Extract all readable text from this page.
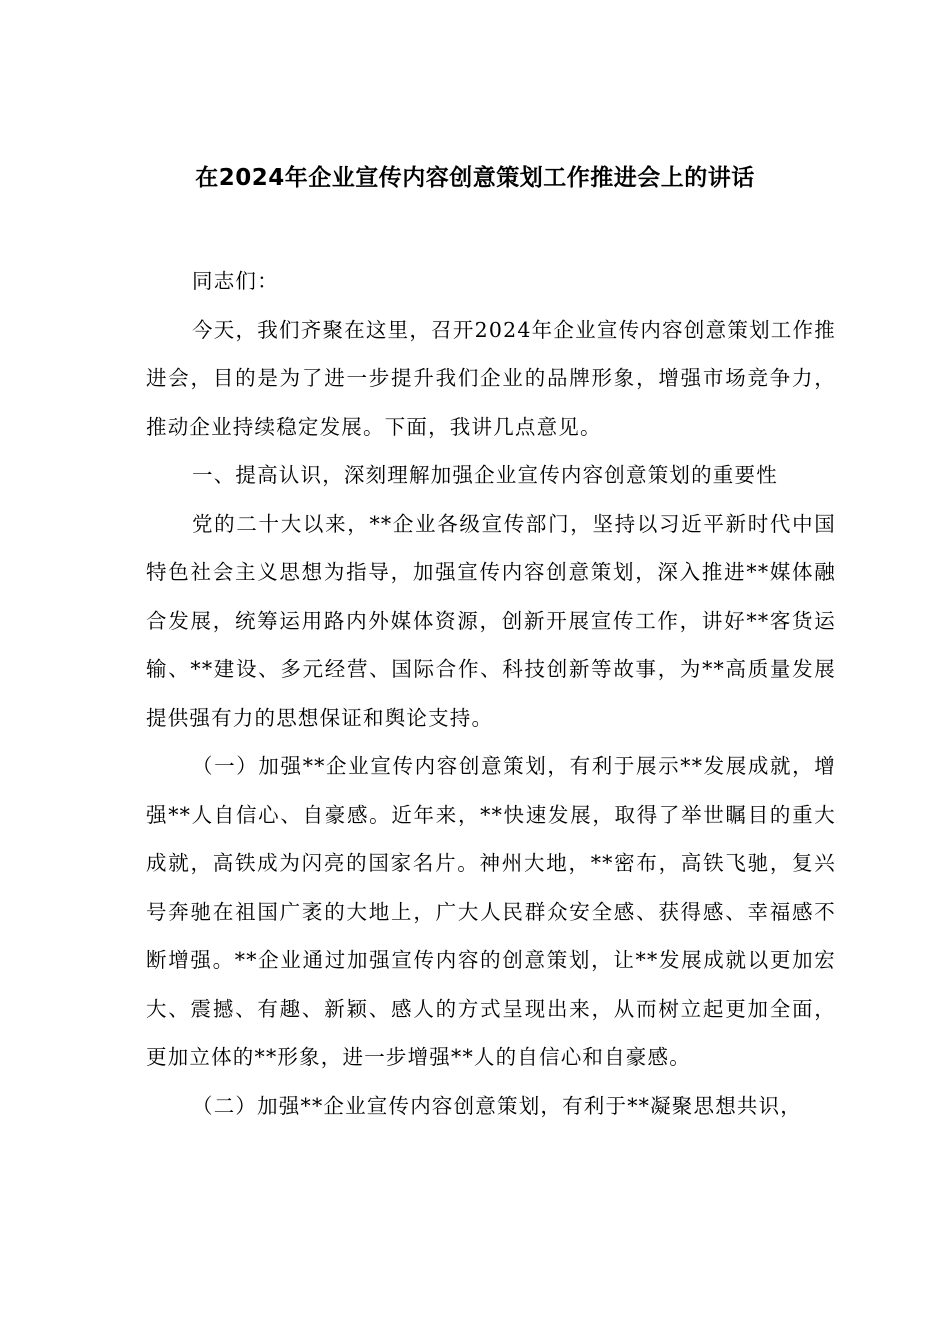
在2024年企业宣传内容创意策划工作推进会上的讲话

同志们：

今天，我们齐聚在这里，召开2024年企业宣传内容创意策划工作推进会，目的是为了进一步提升我们企业的品牌形象，增强市场竞争力，推动企业持续稳定发展。下面，我讲几点意见。

一、提高认识，深刻理解加强企业宣传内容创意策划的重要性

党的二十大以来，**企业各级宣传部门，坚持以习近平新时代中国特色社会主义思想为指导，加强宣传内容创意策划，深入推进**媒体融合发展，统筹运用路内外媒体资源，创新开展宣传工作，讲好**客货运输、**建设、多元经营、国际合作、科技创新等故事，为**高质量发展提供强有力的思想保证和舆论支持。

（一）加强**企业宣传内容创意策划，有利于展示**发展成就，增强**人自信心、自豪感。近年来，**快速发展，取得了举世瞩目的重大成就，高铁成为闪亮的国家名片。神州大地，**密布，高铁飞驰，复兴号奔驰在祖国广袤的大地上，广大人民群众安全感、获得感、幸福感不断增强。**企业通过加强宣传内容的创意策划，让**发展成就以更加宏大、震撼、有趣、新颖、感人的方式呈现出来，从而树立起更加全面，更加立体的**形象，进一步增强**人的自信心和自豪感。

（二）加强**企业宣传内容创意策划，有利于**凝聚思想共识，
